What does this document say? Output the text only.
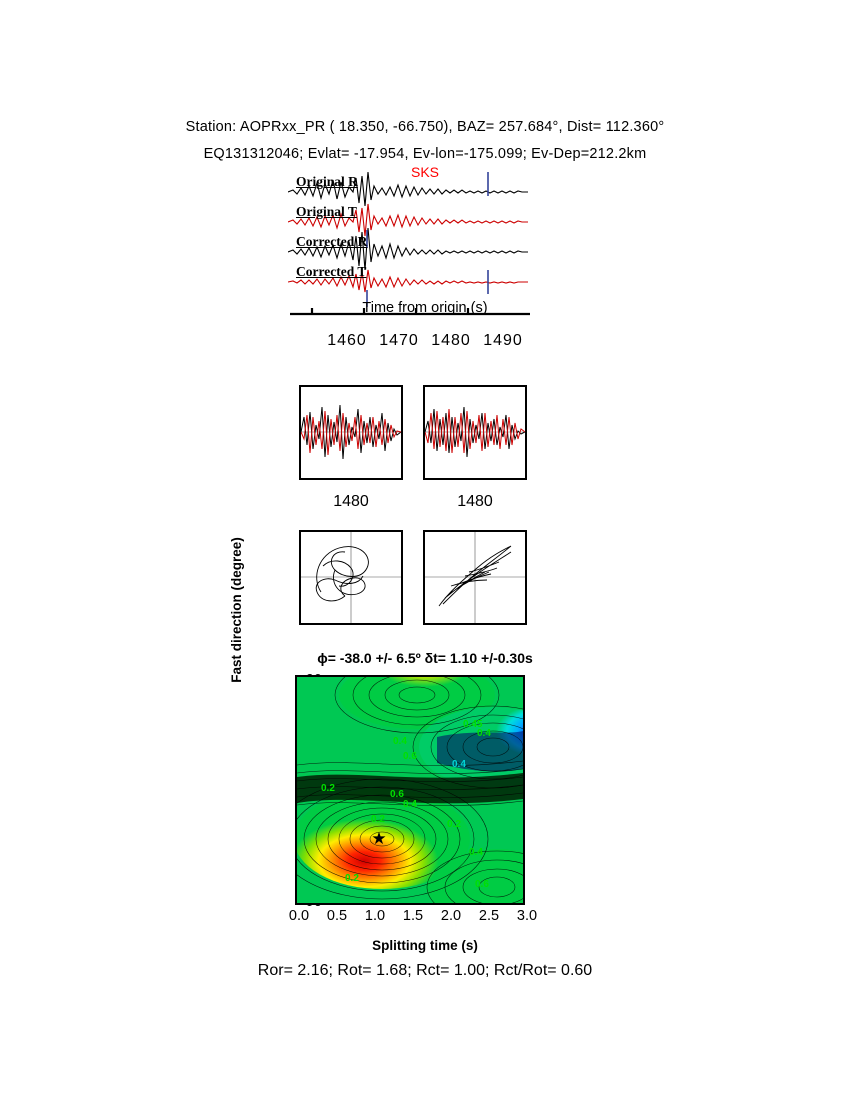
Station: AOPRxx_PR ( 18.350, -66.750), BAZ= 257.684°, Dist= 112.360°
EQ131312046; Evlat= -17.954, Ev-lon=-175.099; Ev-Dep=212.2km
Original R
Original T
Corrected R
Corrected T
SKS
Time from origin (s)
1460 1470 1480 1490
1480	1480
ϕ= -38.0 +/- 6.5º δt= 1.10 +/-0.30s
Fast direction (degree)
★
0.2
0.4
0.45
0.4
0.6
0.4
0.6
0.4
0.2	0.2
0.4
0.2
0.6
0.0	0.5	1.0	1.5	2.0	2.5	3.0
Splitting time (s)
Ror= 2.16; Rot= 1.68; Rct= 1.00; Rct/Rot= 0.60
